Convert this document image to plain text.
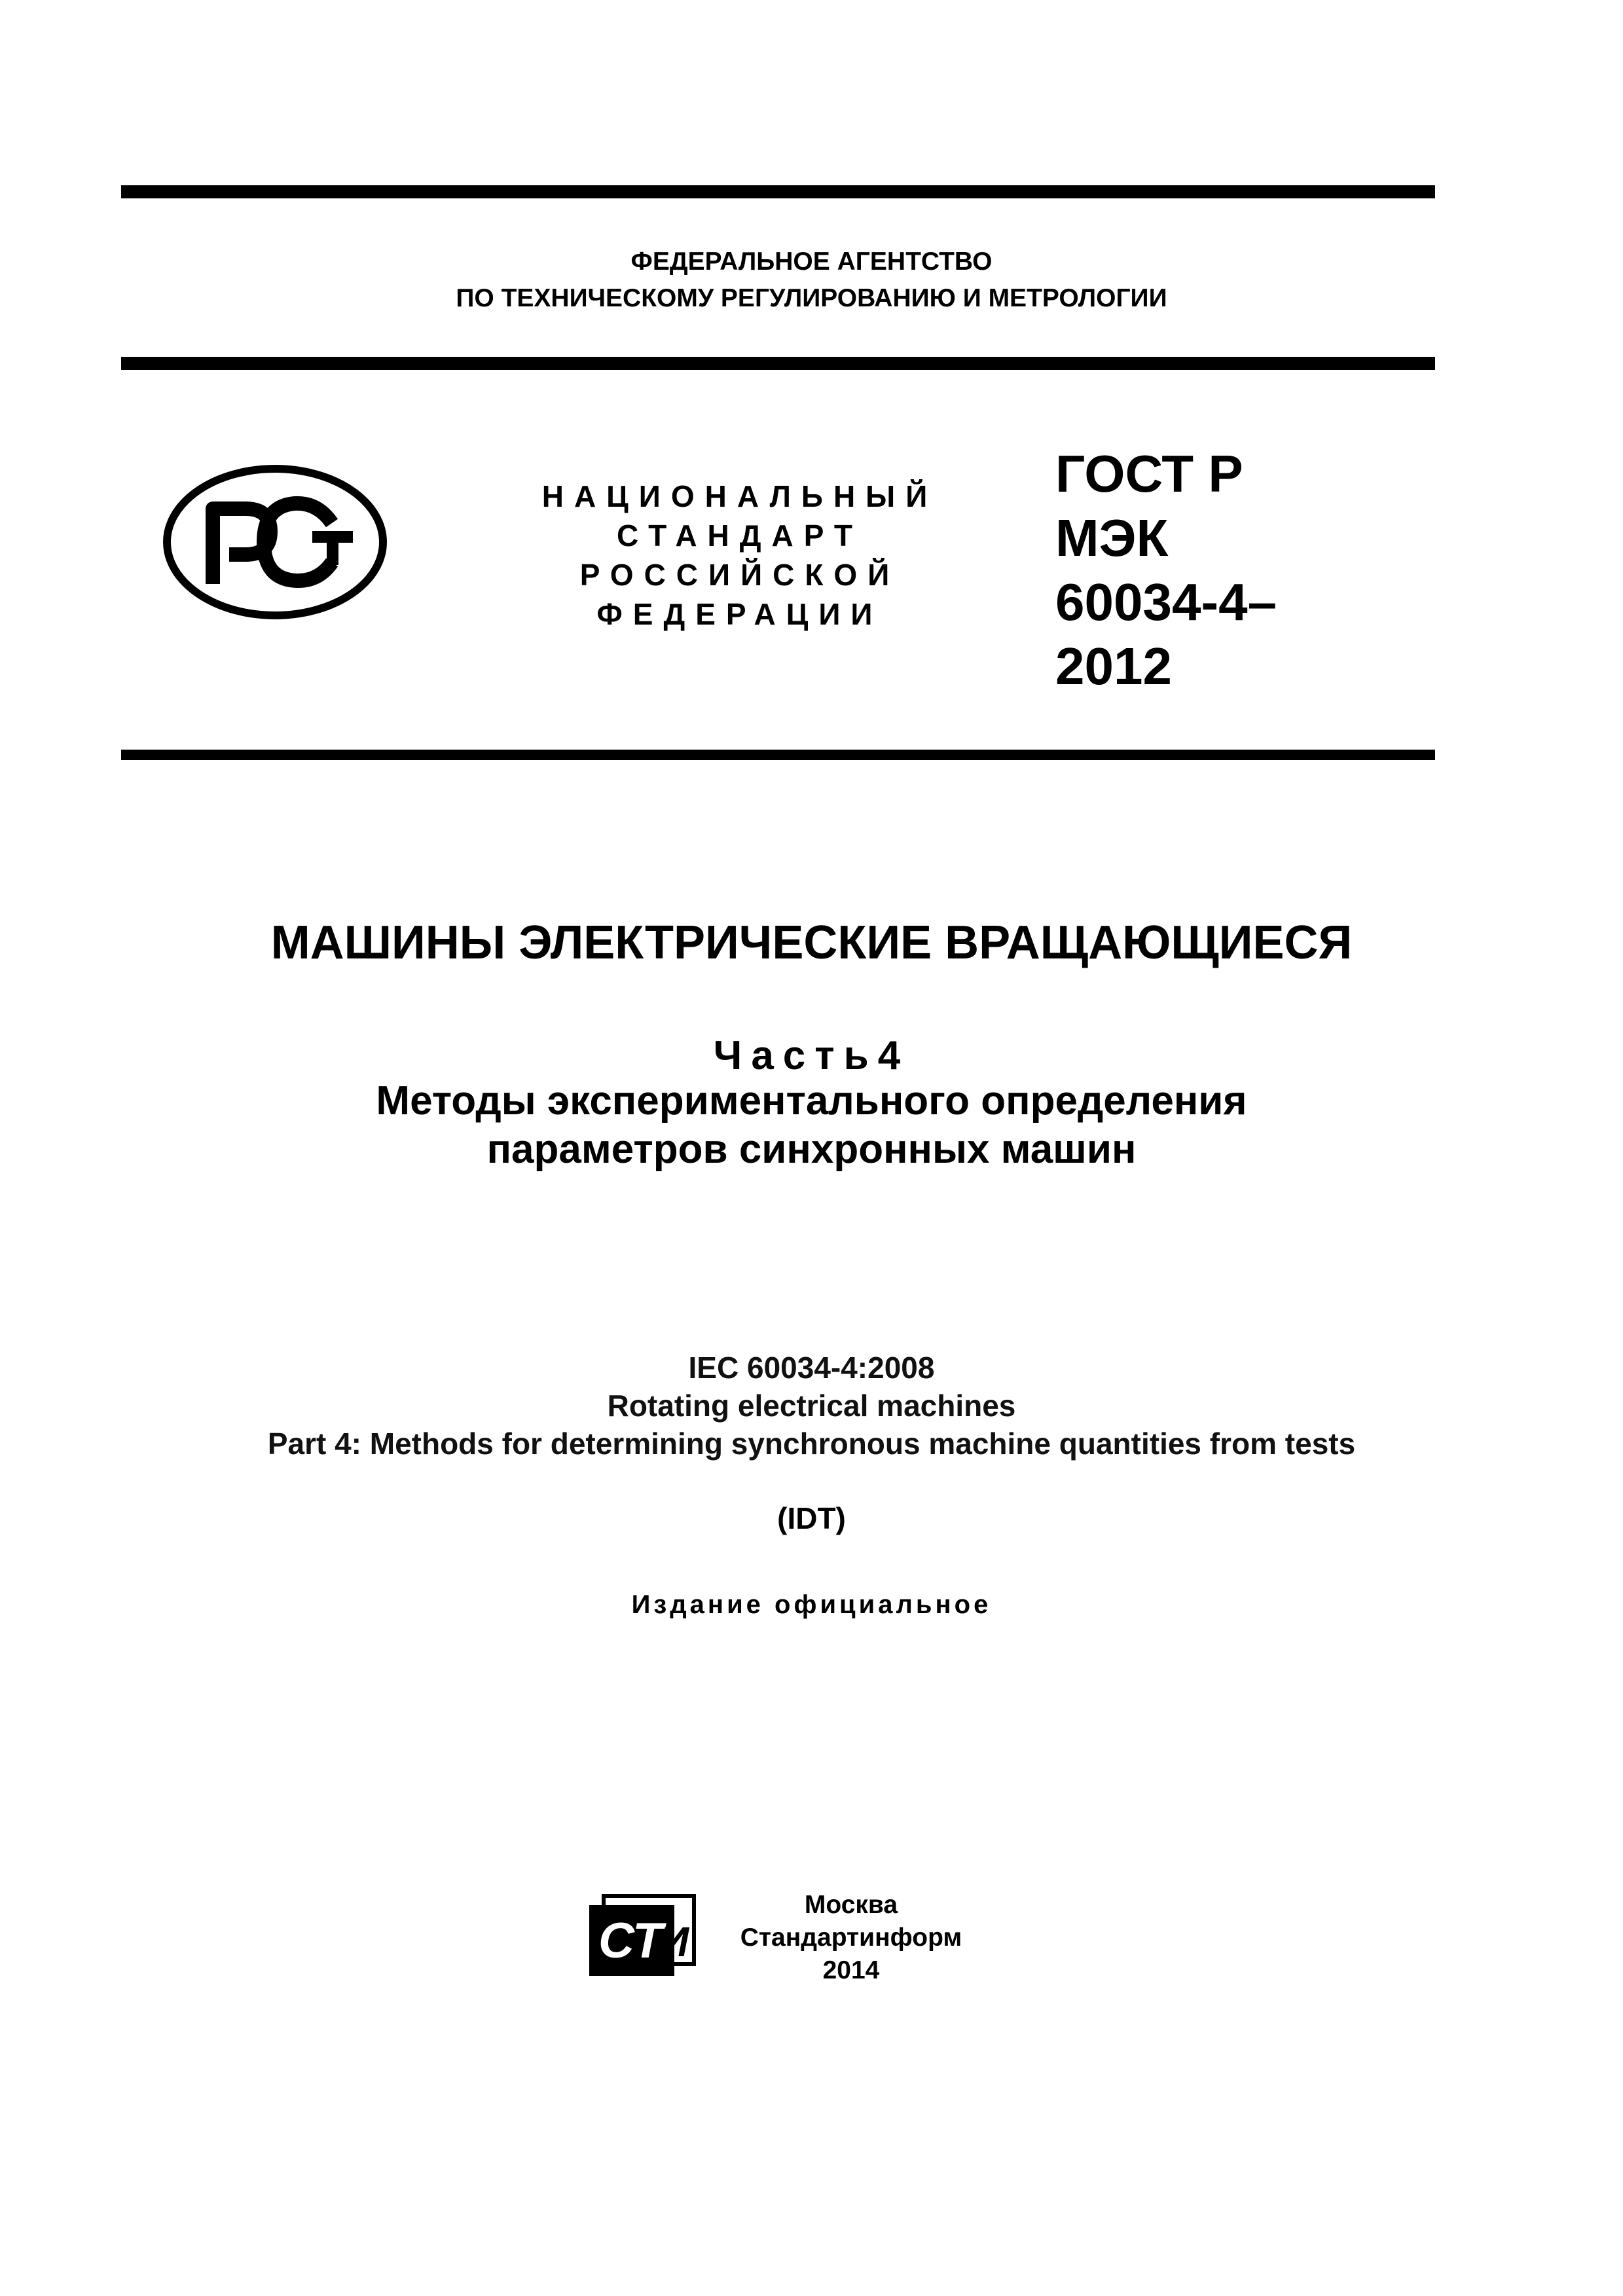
ФЕДЕРАЛЬНОЕ АГЕНТСТВО
ПО ТЕХНИЧЕСКОМУ РЕГУЛИРОВАНИЮ И МЕТРОЛОГИИ
НАЦИОНАЛЬНЫЙ
СТАНДАРТ
РОССИЙСКОЙ
ФЕДЕРАЦИИ
ГОСТ Р
МЭК
60034-4–
2012
МАШИНЫ ЭЛЕКТРИЧЕСКИЕ ВРАЩАЮЩИЕСЯ
Часть4
Методы экспериментального определения
параметров синхронных машин
IEC 60034-4:2008
Rotating electrical machines
Part 4: Methods for determining synchronous machine quantities from tests
(IDT)
Издание официальное
СТ
И
Москва
Стандартинформ
2014
